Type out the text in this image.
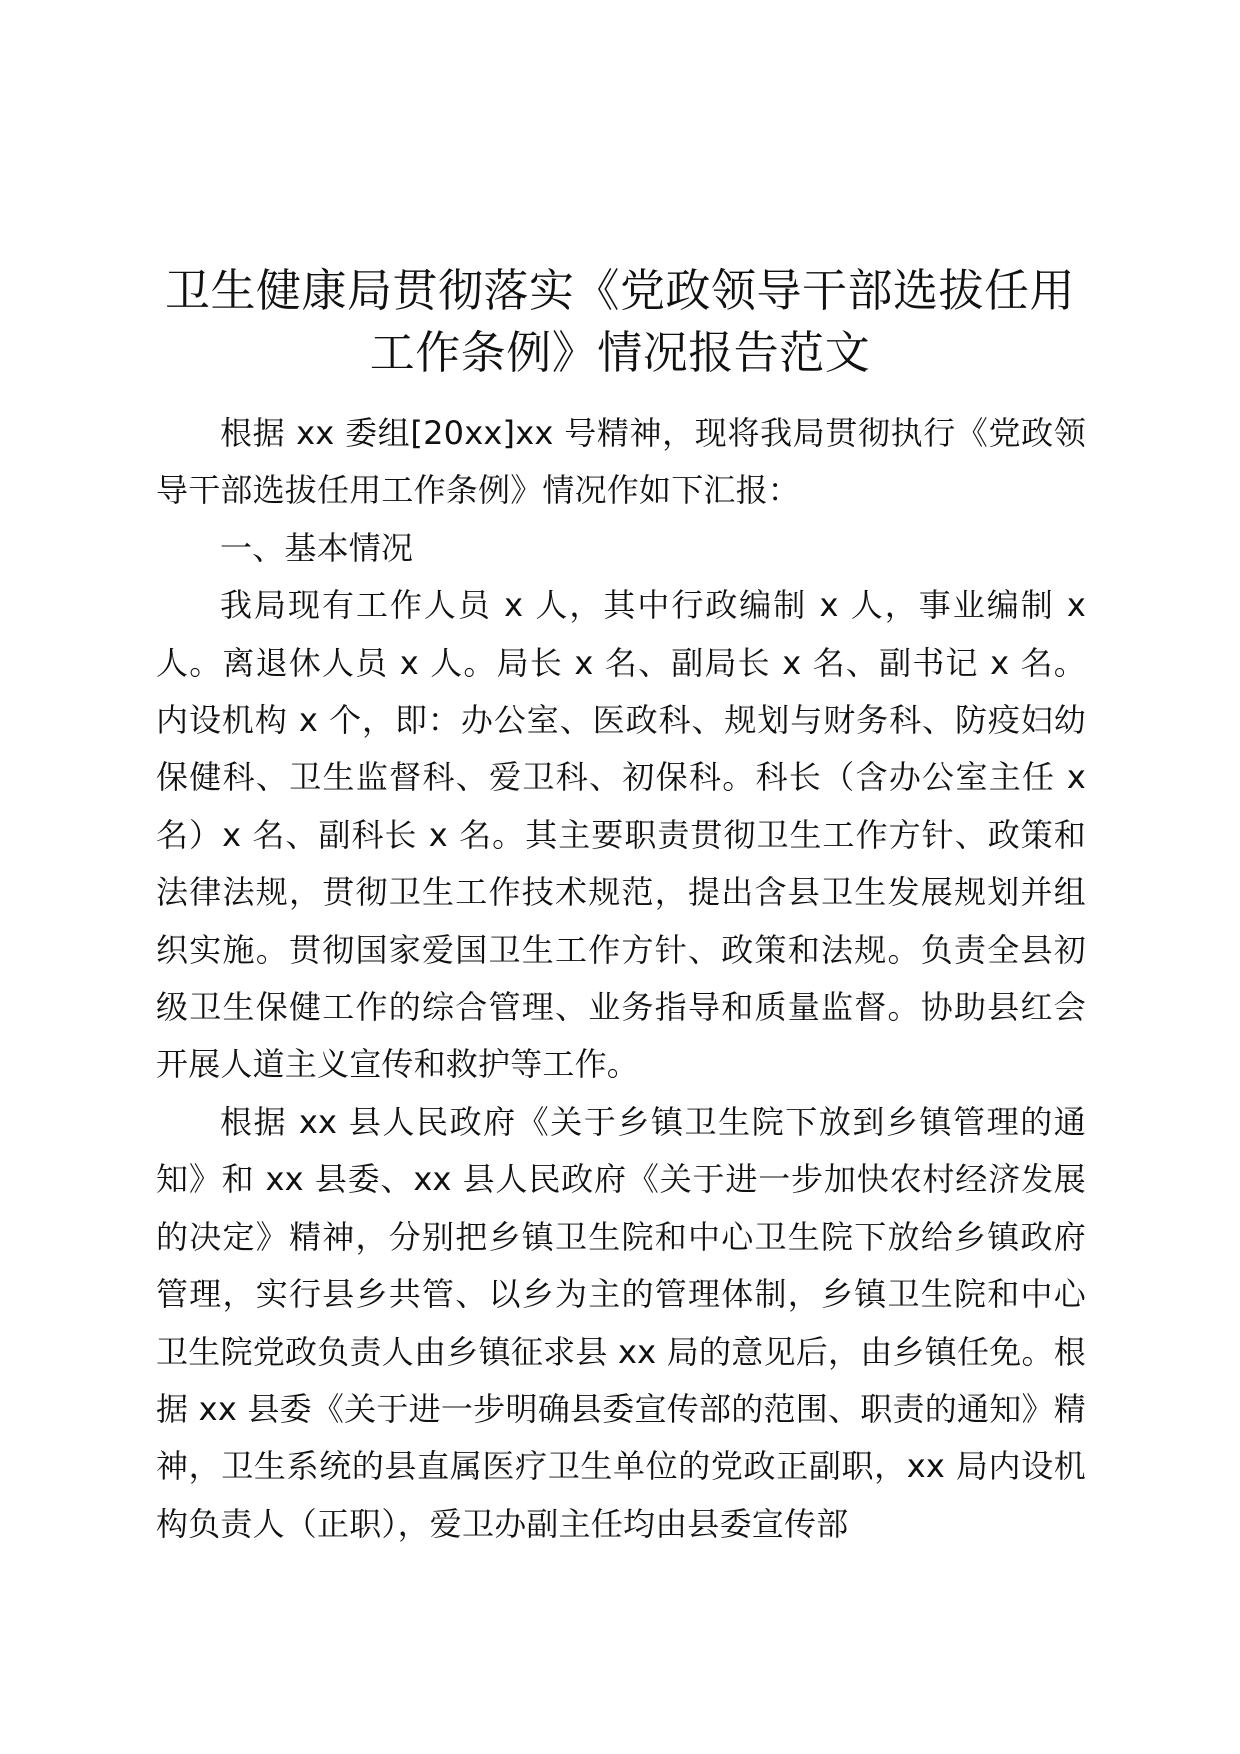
卫生健康局贯彻落实《党政领导干部选拔任用
工作条例》情况报告范文

根据 xx 委组[20xx]xx 号精神，现将我局贯彻执行《党政领导干部选拔任用工作条例》情况作如下汇报：

一、基本情况

我局现有工作人员 x 人，其中行政编制 x 人，事业编制 x 人。离退休人员 x 人。局长 x 名、副局长 x 名、副书记 x 名。内设机构 x 个，即：办公室、医政科、规划与财务科、防疫妇幼保健科、卫生监督科、爱卫科、初保科。科长（含办公室主任 x 名）x 名、副科长 x 名。其主要职责贯彻卫生工作方针、政策和法律法规，贯彻卫生工作技术规范，提出含县卫生发展规划并组织实施。贯彻国家爱国卫生工作方针、政策和法规。负责全县初级卫生保健工作的综合管理、业务指导和质量监督。协助县红会开展人道主义宣传和救护等工作。

根据 xx 县人民政府《关于乡镇卫生院下放到乡镇管理的通知》和 xx 县委、xx 县人民政府《关于进一步加快农村经济发展的决定》精神，分别把乡镇卫生院和中心卫生院下放给乡镇政府管理，实行县乡共管、以乡为主的管理体制，乡镇卫生院和中心卫生院党政负责人由乡镇征求县 xx 局的意见后，由乡镇任免。根据 xx 县委《关于进一步明确县委宣传部的范围、职责的通知》精神，卫生系统的县直属医疗卫生单位的党政正副职，xx 局内设机构负责人（正职），爱卫办副主任均由县委宣传部
